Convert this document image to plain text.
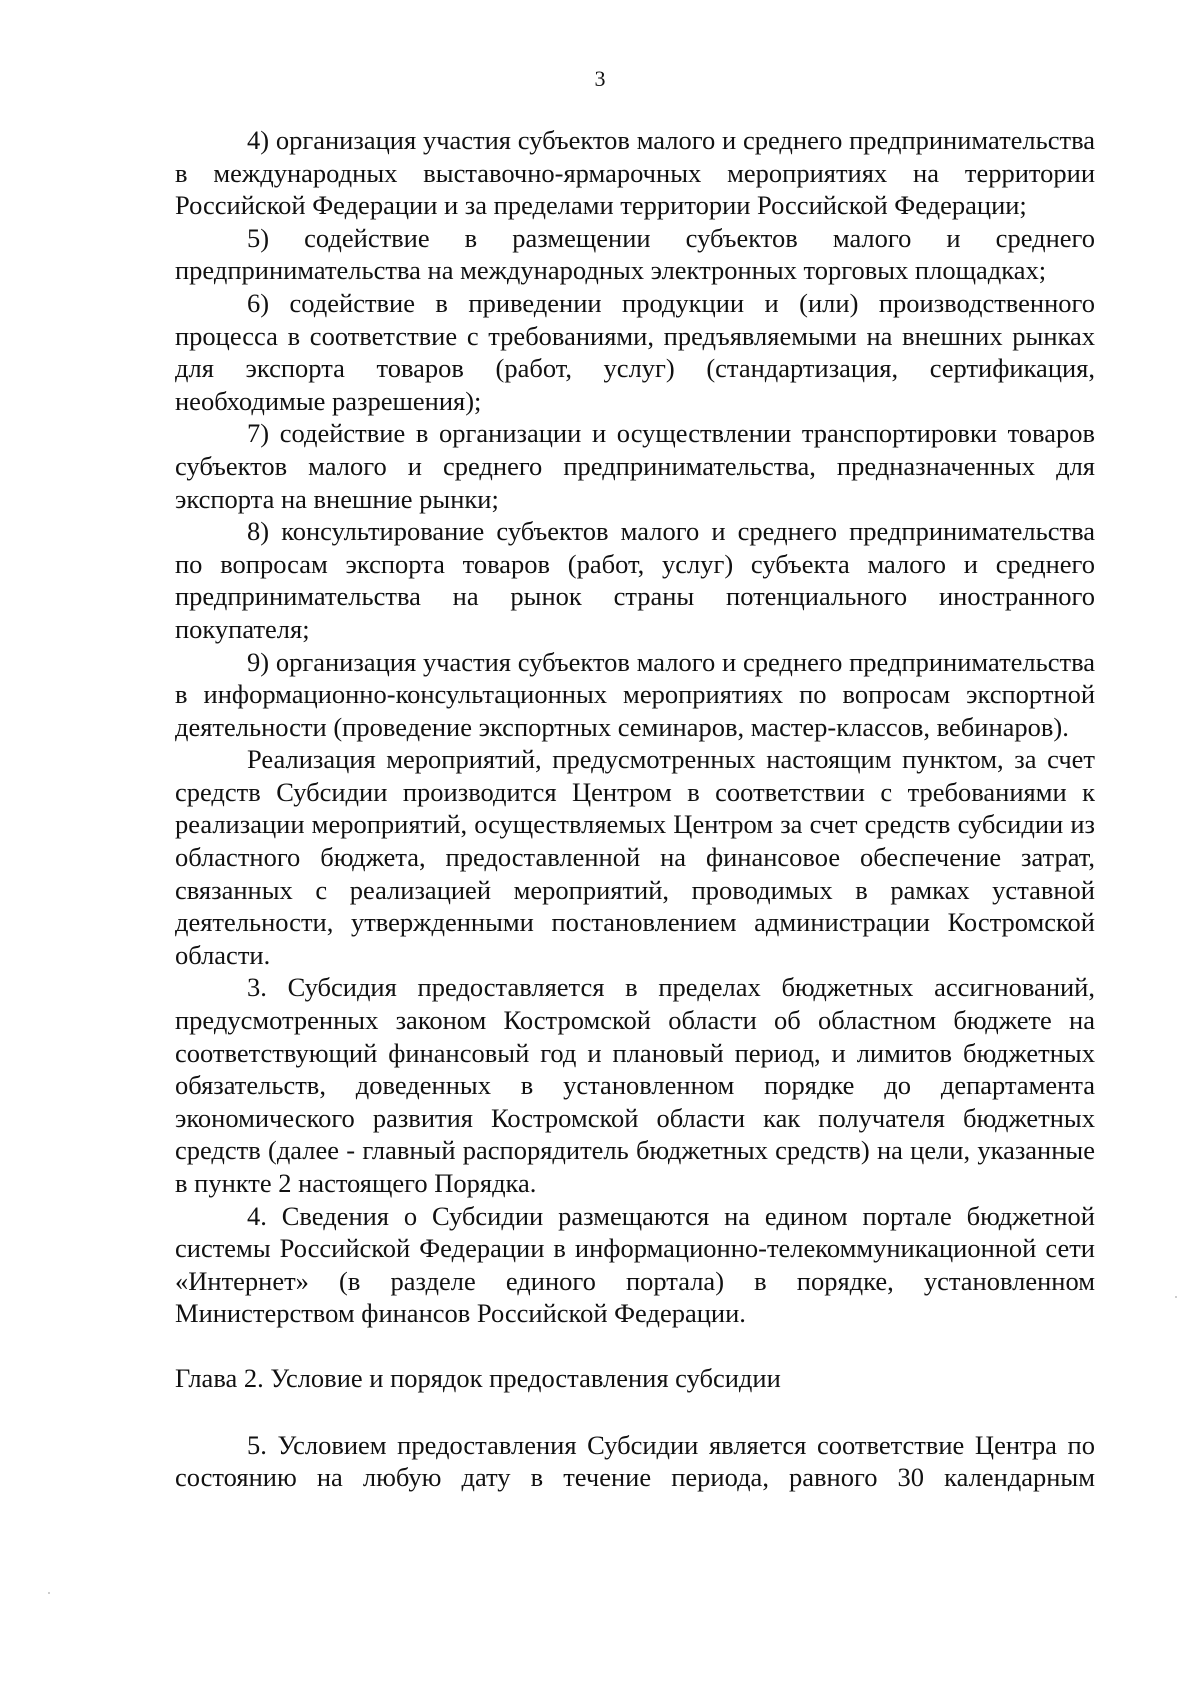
3

4) организация участия субъектов малого и среднего предпринимательства в международных выставочно-ярмарочных мероприятиях на территории Российской Федерации и за пределами территории Российской Федерации;

5) содействие в размещении субъектов малого и среднего предпринимательства на международных электронных торговых площадках;

6) содействие в приведении продукции и (или) производственного процесса в соответствие с требованиями, предъявляемыми на внешних рынках для экспорта товаров (работ, услуг) (стандартизация, сертификация, необходимые разрешения);

7) содействие в организации и осуществлении транспортировки товаров субъектов малого и среднего предпринимательства, предназначенных для экспорта на внешние рынки;

8) консультирование субъектов малого и среднего предпринимательства по вопросам экспорта товаров (работ, услуг) субъекта малого и среднего предпринимательства на рынок страны потенциального иностранного покупателя;

9) организация участия субъектов малого и среднего предпринимательства в информационно-консультационных мероприятиях по вопросам экспортной деятельности (проведение экспортных семинаров, мастер-классов, вебинаров).

Реализация мероприятий, предусмотренных настоящим пунктом, за счет средств Субсидии производится Центром в соответствии с требованиями к реализации мероприятий, осуществляемых Центром за счет средств субсидии из областного бюджета, предоставленной на финансовое обеспечение затрат, связанных с реализацией мероприятий, проводимых в рамках уставной деятельности, утвержденными постановлением администрации Костромской области.

3. Субсидия предоставляется в пределах бюджетных ассигнований, предусмотренных законом Костромской области об областном бюджете на соответствующий финансовый год и плановый период, и лимитов бюджетных обязательств, доведенных в установленном порядке до департамента экономического развития Костромской области как получателя бюджетных средств (далее - главный распорядитель бюджетных средств) на цели, указанные в пункте 2 настоящего Порядка.

4. Сведения о Субсидии размещаются на едином портале бюджетной системы Российской Федерации в информационно-телекоммуникационной сети «Интернет» (в разделе единого портала) в порядке, установленном Министерством финансов Российской Федерации.

Глава 2. Условие и порядок предоставления субсидии

5. Условием предоставления Субсидии является соответствие Центра по состоянию на любую дату в течение периода, равного 30 календарным
